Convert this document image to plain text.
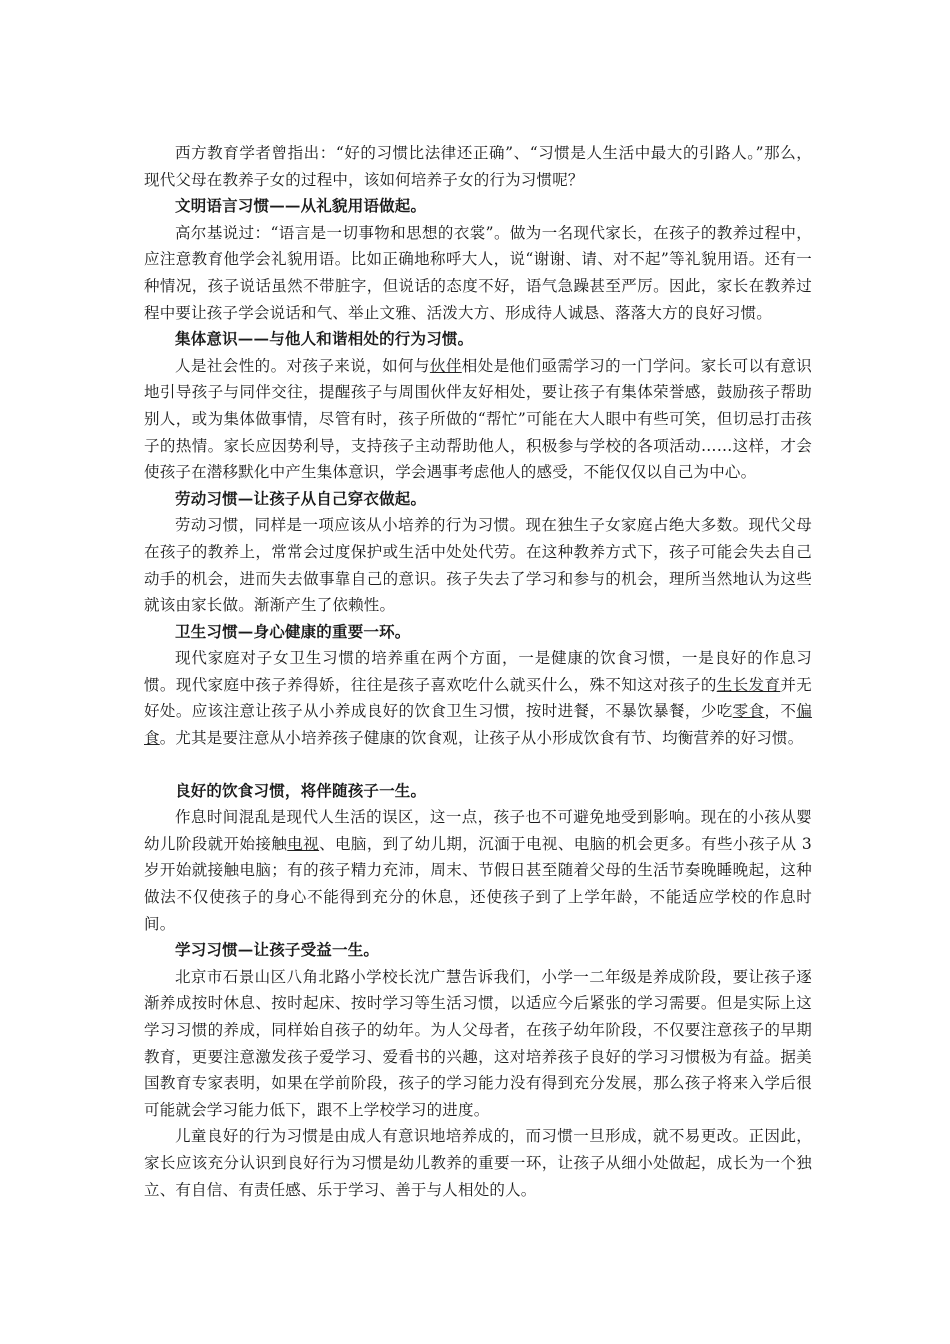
西方教育学者曾指出：“好的习惯比法律还正确”、“习惯是人生活中最大的引路人。”那么，现代父母在教养子女的过程中，该如何培养子女的行为习惯呢？

文明语言习惯——从礼貌用语做起。

高尔基说过：“语言是一切事物和思想的衣裳”。做为一名现代家长，在孩子的教养过程中，应注意教育他学会礼貌用语。比如正确地称呼大人，说“谢谢、请、对不起”等礼貌用语。还有一种情况，孩子说话虽然不带脏字，但说话的态度不好，语气急躁甚至严厉。因此，家长在教养过程中要让孩子学会说话和气、举止文雅、活泼大方、形成待人诚恳、落落大方的良好习惯。

集体意识——与他人和谐相处的行为习惯。

人是社会性的。对孩子来说，如何与伙伴相处是他们亟需学习的一门学问。家长可以有意识地引导孩子与同伴交往，提醒孩子与周围伙伴友好相处，要让孩子有集体荣誉感，鼓励孩子帮助别人，或为集体做事情，尽管有时，孩子所做的“帮忙”可能在大人眼中有些可笑，但切忌打击孩子的热情。家长应因势利导，支持孩子主动帮助他人，积极参与学校的各项活动……这样，才会使孩子在潜移默化中产生集体意识，学会遇事考虑他人的感受，不能仅仅以自己为中心。

劳动习惯—让孩子从自己穿衣做起。

劳动习惯，同样是一项应该从小培养的行为习惯。现在独生子女家庭占绝大多数。现代父母在孩子的教养上，常常会过度保护或生活中处处代劳。在这种教养方式下，孩子可能会失去自己动手的机会，进而失去做事靠自己的意识。孩子失去了学习和参与的机会，理所当然地认为这些就该由家长做。渐渐产生了依赖性。

卫生习惯—身心健康的重要一环。

现代家庭对子女卫生习惯的培养重在两个方面，一是健康的饮食习惯，一是良好的作息习惯。现代家庭中孩子养得娇，往往是孩子喜欢吃什么就买什么，殊不知这对孩子的生长发育并无好处。应该注意让孩子从小养成良好的饮食卫生习惯，按时进餐，不暴饮暴餐，少吃零食，不偏食。尤其是要注意从小培养孩子健康的饮食观，让孩子从小形成饮食有节、均衡营养的好习惯。

良好的饮食习惯，将伴随孩子一生。

作息时间混乱是现代人生活的误区，这一点，孩子也不可避免地受到影响。现在的小孩从婴幼儿阶段就开始接触电视、电脑，到了幼儿期，沉湎于电视、电脑的机会更多。有些小孩子从 3 岁开始就接触电脑；有的孩子精力充沛，周末、节假日甚至随着父母的生活节奏晚睡晚起，这种做法不仅使孩子的身心不能得到充分的休息，还使孩子到了上学年龄，不能适应学校的作息时间。

学习习惯—让孩子受益一生。

北京市石景山区八角北路小学校长沈广慧告诉我们，小学一二年级是养成阶段，要让孩子逐渐养成按时休息、按时起床、按时学习等生活习惯，以适应今后紧张的学习需要。但是实际上这学习习惯的养成，同样始自孩子的幼年。为人父母者，在孩子幼年阶段，不仅要注意孩子的早期教育，更要注意激发孩子爱学习、爱看书的兴趣，这对培养孩子良好的学习习惯极为有益。据美国教育专家表明，如果在学前阶段，孩子的学习能力没有得到充分发展，那么孩子将来入学后很可能就会学习能力低下，跟不上学校学习的进度。

儿童良好的行为习惯是由成人有意识地培养成的，而习惯一旦形成，就不易更改。正因此，家长应该充分认识到良好行为习惯是幼儿教养的重要一环，让孩子从细小处做起，成长为一个独立、有自信、有责任感、乐于学习、善于与人相处的人。
